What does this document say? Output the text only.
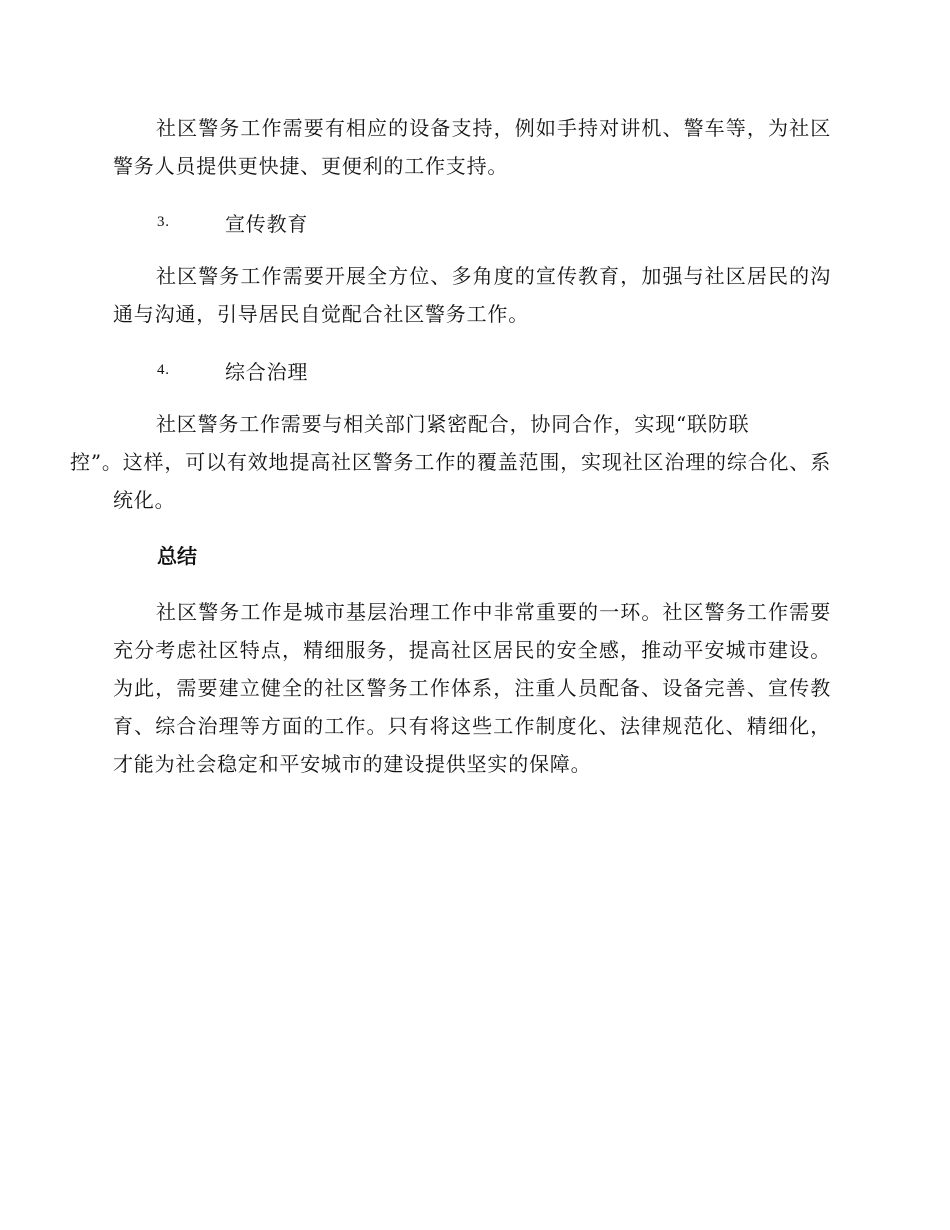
社区警务工作需要有相应的设备支持，例如手持对讲机、警车等，为社区警务人员提供更快捷、更便利的工作支持。

3.	宣传教育

社区警务工作需要开展全方位、多角度的宣传教育，加强与社区居民的沟通与沟通，引导居民自觉配合社区警务工作。

4.	综合治理

社区警务工作需要与相关部门紧密配合，协同合作，实现“联防联
控”。这样，可以有效地提高社区警务工作的覆盖范围，实现社区治理的综合化、系统化。

总结

社区警务工作是城市基层治理工作中非常重要的一环。社区警务工作需要充分考虑社区特点，精细服务，提高社区居民的安全感，推动平安城市建设。为此，需要建立健全的社区警务工作体系，注重人员配备、设备完善、宣传教育、综合治理等方面的工作。只有将这些工作制度化、法律规范化、精细化，才能为社会稳定和平安城市的建设提供坚实的保障。
